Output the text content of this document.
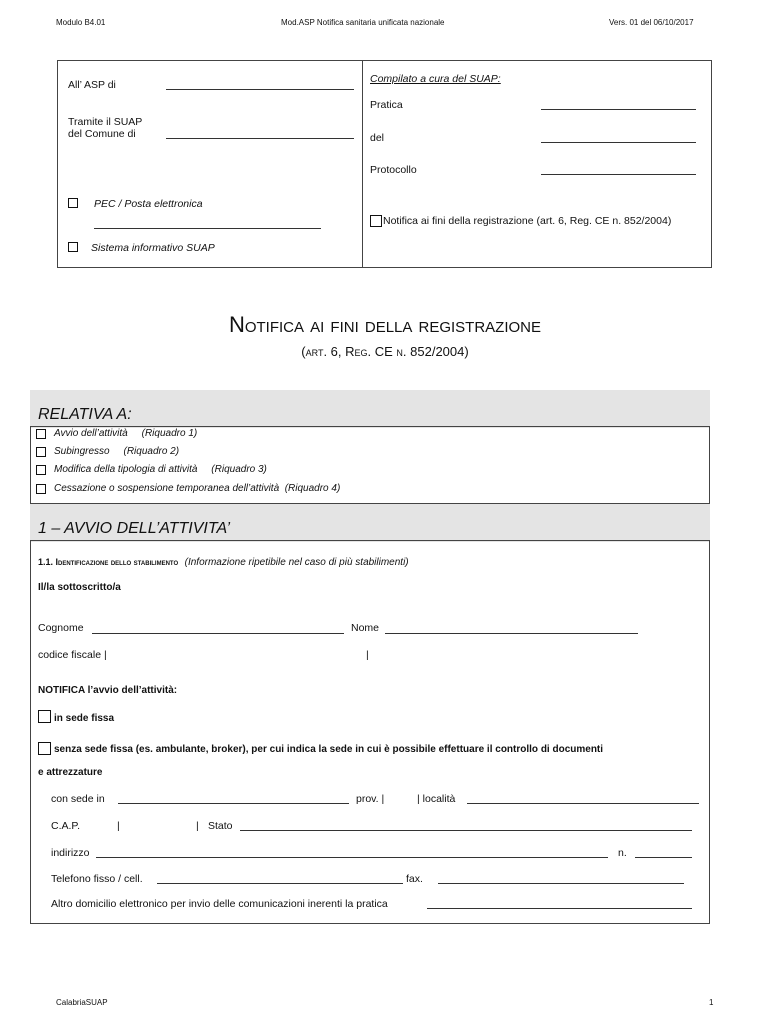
Modulo B4.01	Mod.ASP Notifica sanitaria unificata nazionale	Vers. 01 del 06/10/2017
All’ ASP di
Tramite il SUAP
del Comune di
PEC / Posta elettronica
Sistema informativo SUAP
Compilato a cura del SUAP:
Pratica
del
Protocollo
Notifica ai fini della registrazione (art. 6, Reg. CE n. 852/2004)
Notifica ai fini della registrazione
(art. 6, Reg. CE n. 852/2004)
RELATIVA A:
Avvio dell’attività     (Riquadro 1)
Subingresso     (Riquadro 2)
Modifica della tipologia di attività     (Riquadro 3)
Cessazione o sospensione temporanea dell’attività  (Riquadro 4)
1 – AVVIO DELL’ATTIVITA’
1.1. Identificazione dello stabilimento (Informazione ripetibile nel caso di più stabilimenti)
Il/la sottoscritto/a
Cognome	Nome
codice fiscale |	|
NOTIFICA l’avvio dell’attività:
in sede fissa
senza sede fissa (es. ambulante, broker), per cui indica la sede in cui è possibile effettuare il controllo di documenti
e attrezzature
con sede in	prov. |	| località
C.A.P.	|	| Stato
indirizzo	n.
Telefono fisso / cell.	fax.
Altro domicilio elettronico per invio delle comunicazioni inerenti la pratica
CalabriaSUAP	1
